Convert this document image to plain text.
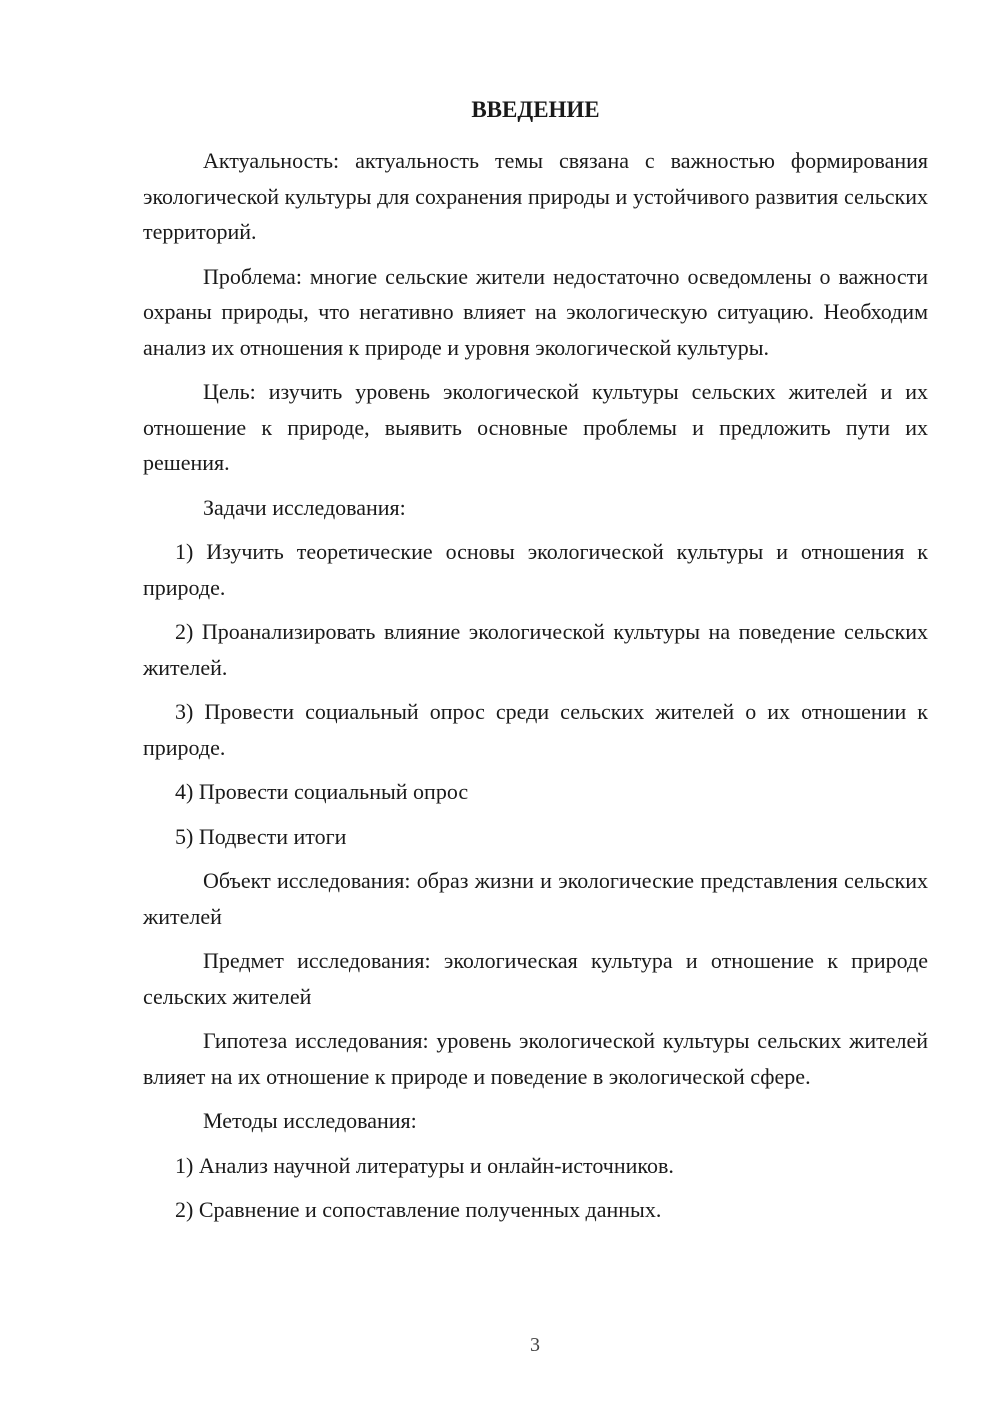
ВВЕДЕНИЕ

Актуальность: актуальность темы связана с важностью формирования экологической культуры для сохранения природы и устойчивого развития сельских территорий.

Проблема: многие сельские жители недостаточно осведомлены о важности охраны природы, что негативно влияет на экологическую ситуацию. Необходим анализ их отношения к природе и уровня экологической культуры.

Цель: изучить уровень экологической культуры сельских жителей и их отношение к природе, выявить основные проблемы и предложить пути их решения.

Задачи исследования:

1) Изучить теоретические основы экологической культуры и отношения к природе.

2) Проанализировать влияние экологической культуры на поведение сельских жителей.

3) Провести социальный опрос среди сельских жителей о их отношении к природе.

4) Провести социальный опрос

5) Подвести итоги

Объект исследования: образ жизни и экологические представления сельских жителей

Предмет исследования: экологическая культура и отношение к природе сельских жителей

Гипотеза исследования: уровень экологической культуры сельских жителей влияет на их отношение к природе и поведение в экологической сфере.

Методы исследования:

1) Анализ научной литературы и онлайн-источников.

2) Сравнение и сопоставление полученных данных.

3
